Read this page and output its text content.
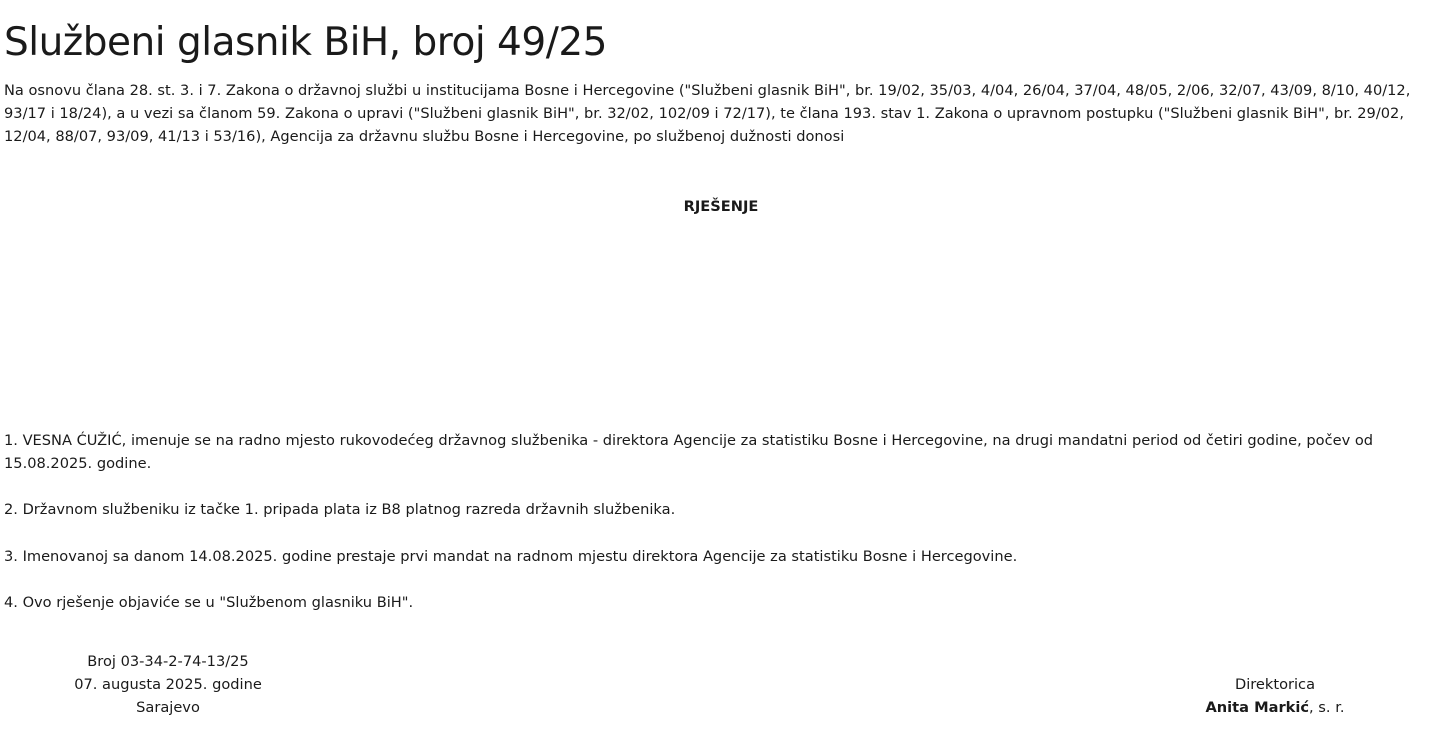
Službeni glasnik BiH, broj 49/25

Na osnovu člana 28. st. 3. i 7. Zakona o državnoj službi u institucijama Bosne i Hercegovine ("Službeni glasnik BiH", br. 19/02, 35/03, 4/04, 26/04, 37/04, 48/05, 2/06, 32/07, 43/09, 8/10, 40/12, 93/17 i 18/24), a u vezi sa članom 59. Zakona o upravi ("Službeni glasnik BiH", br. 32/02, 102/09 i 72/17), te člana 193. stav 1. Zakona o upravnom postupku ("Službeni glasnik BiH", br. 29/02, 12/04, 88/07, 93/09, 41/13 i 53/16), Agencija za državnu službu Bosne i Hercegovine, po službenoj dužnosti donosi

RJEŠENJE

1. VESNA ĆUŽIĆ, imenuje se na radno mjesto rukovodećeg državnog službenika - direktora Agencije za statistiku Bosne i Hercegovine, na drugi mandatni period od četiri godine, počev od 15.08.2025. godine.

2. Državnom službeniku iz tačke 1. pripada plata iz B8 platnog razreda državnih službenika.

3. Imenovanoj sa danom 14.08.2025. godine prestaje prvi mandat na radnom mjestu direktora Agencije za statistiku Bosne i Hercegovine.

4. Ovo rješenje objaviće se u "Službenom glasniku BiH".

Broj 03-34-2-74-13/25
07. augusta 2025. godine
Sarajevo
Direktorica
Anita Markić, s. r.
